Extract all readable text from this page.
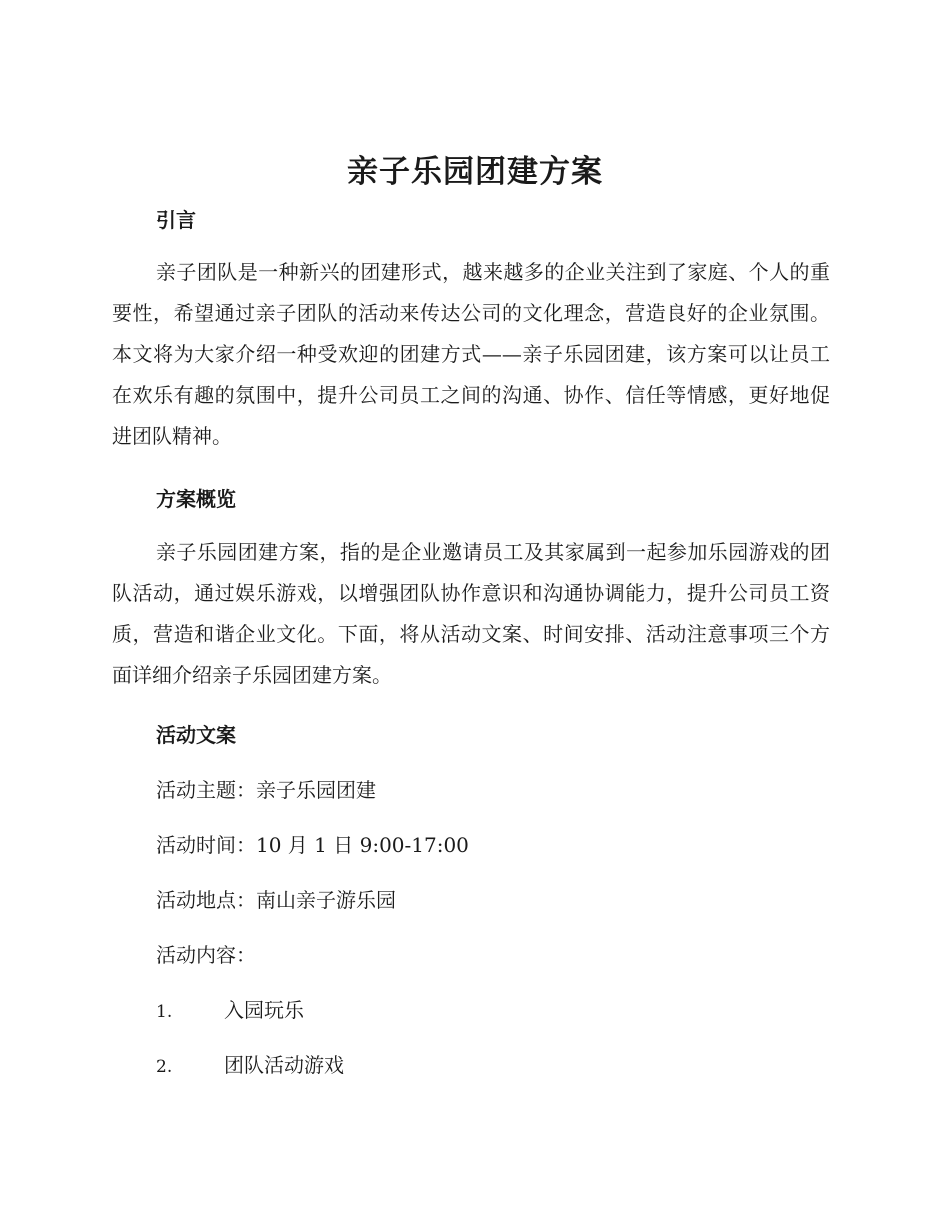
亲子乐园团建方案
引言

亲子团队是一种新兴的团建形式，越来越多的企业关注到了家庭、个人的重要性，希望通过亲子团队的活动来传达公司的文化理念，营造良好的企业氛围。本文将为大家介绍一种受欢迎的团建方式——亲子乐园团建，该方案可以让员工在欢乐有趣的氛围中，提升公司员工之间的沟通、协作、信任等情感，更好地促进团队精神。

方案概览

亲子乐园团建方案，指的是企业邀请员工及其家属到一起参加乐园游戏的团队活动，通过娱乐游戏，以增强团队协作意识和沟通协调能力，提升公司员工资质，营造和谐企业文化。下面，将从活动文案、时间安排、活动注意事项三个方面详细介绍亲子乐园团建方案。

活动文案

活动主题：亲子乐园团建

活动时间：10 月 1 日 9:00-17:00

活动地点：南山亲子游乐园

活动内容：

1.	入园玩乐

2.	团队活动游戏
